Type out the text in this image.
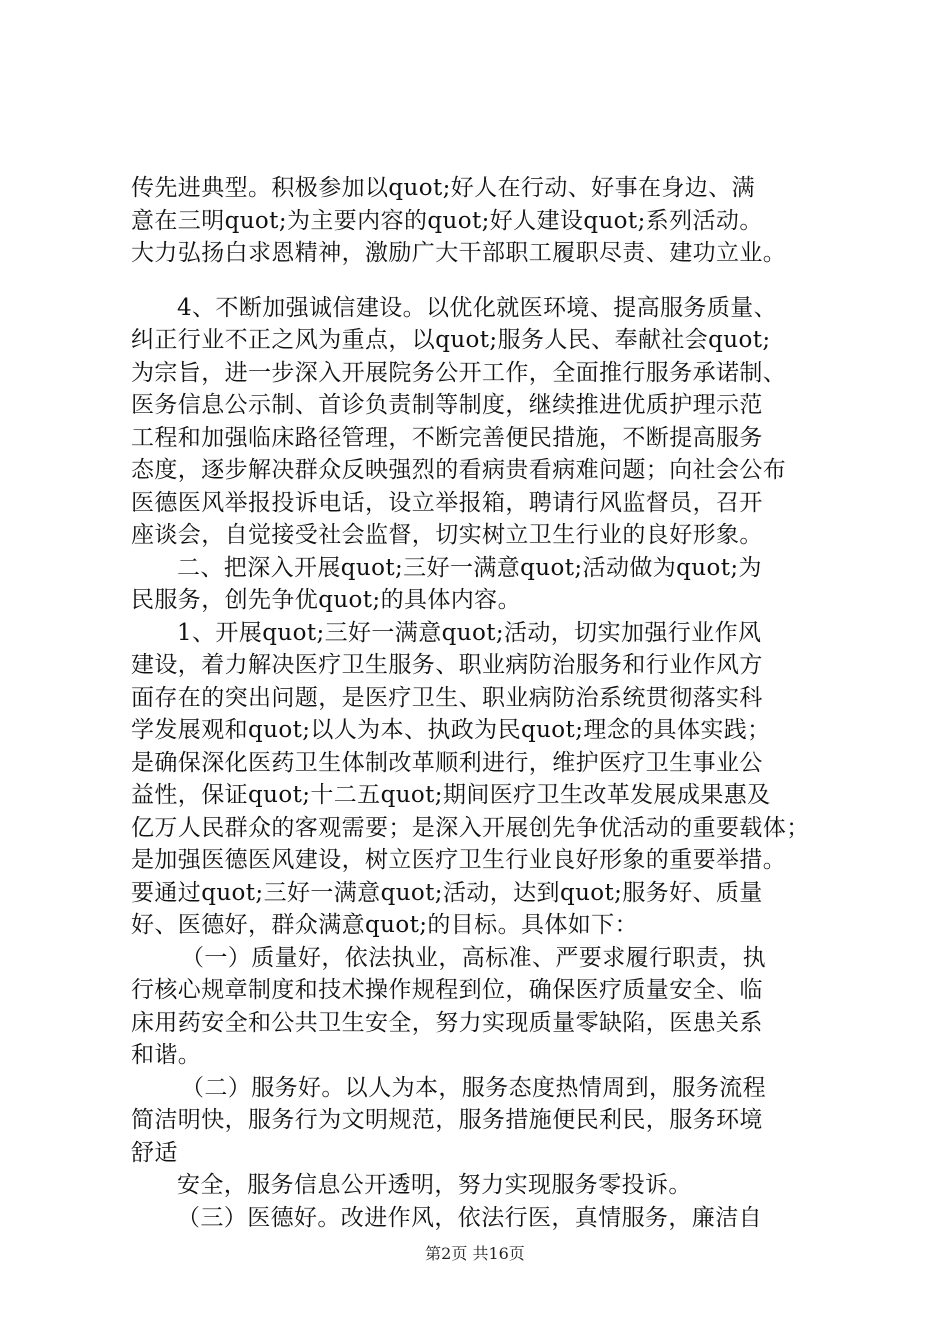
传先进典型。积极参加以quot;好人在行动、好事在身边、满
意在三明quot;为主要内容的quot;好人建设quot;系列活动。
大力弘扬白求恩精神，激励广大干部职工履职尽责、建功立业。
4、不断加强诚信建设。以优化就医环境、提高服务质量、
纠正行业不正之风为重点，以quot;服务人民、奉献社会quot;
为宗旨，进一步深入开展院务公开工作，全面推行服务承诺制、
医务信息公示制、首诊负责制等制度，继续推进优质护理示范
工程和加强临床路径管理，不断完善便民措施，不断提高服务
态度，逐步解决群众反映强烈的看病贵看病难问题；向社会公布
医德医风举报投诉电话，设立举报箱，聘请行风监督员，召开
座谈会，自觉接受社会监督，切实树立卫生行业的良好形象。
二、把深入开展quot;三好一满意quot;活动做为quot;为
民服务，创先争优quot;的具体内容。
1、开展quot;三好一满意quot;活动，切实加强行业作风
建设，着力解决医疗卫生服务、职业病防治服务和行业作风方
面存在的突出问题，是医疗卫生、职业病防治系统贯彻落实科
学发展观和quot;以人为本、执政为民quot;理念的具体实践；
是确保深化医药卫生体制改革顺利进行，维护医疗卫生事业公
益性，保证quot;十二五quot;期间医疗卫生改革发展成果惠及
亿万人民群众的客观需要；是深入开展创先争优活动的重要载体；
是加强医德医风建设，树立医疗卫生行业良好形象的重要举措。
要通过quot;三好一满意quot;活动，达到quot;服务好、质量
好、医德好，群众满意quot;的目标。具体如下：
（一）质量好，依法执业，高标准、严要求履行职责，执
行核心规章制度和技术操作规程到位，确保医疗质量安全、临
床用药安全和公共卫生安全，努力实现质量零缺陷，医患关系
和谐。
（二）服务好。以人为本，服务态度热情周到，服务流程
简洁明快，服务行为文明规范，服务措施便民利民，服务环境
舒适
安全，服务信息公开透明，努力实现服务零投诉。
（三）医德好。改进作风，依法行医，真情服务，廉洁自
第2页 共16页
